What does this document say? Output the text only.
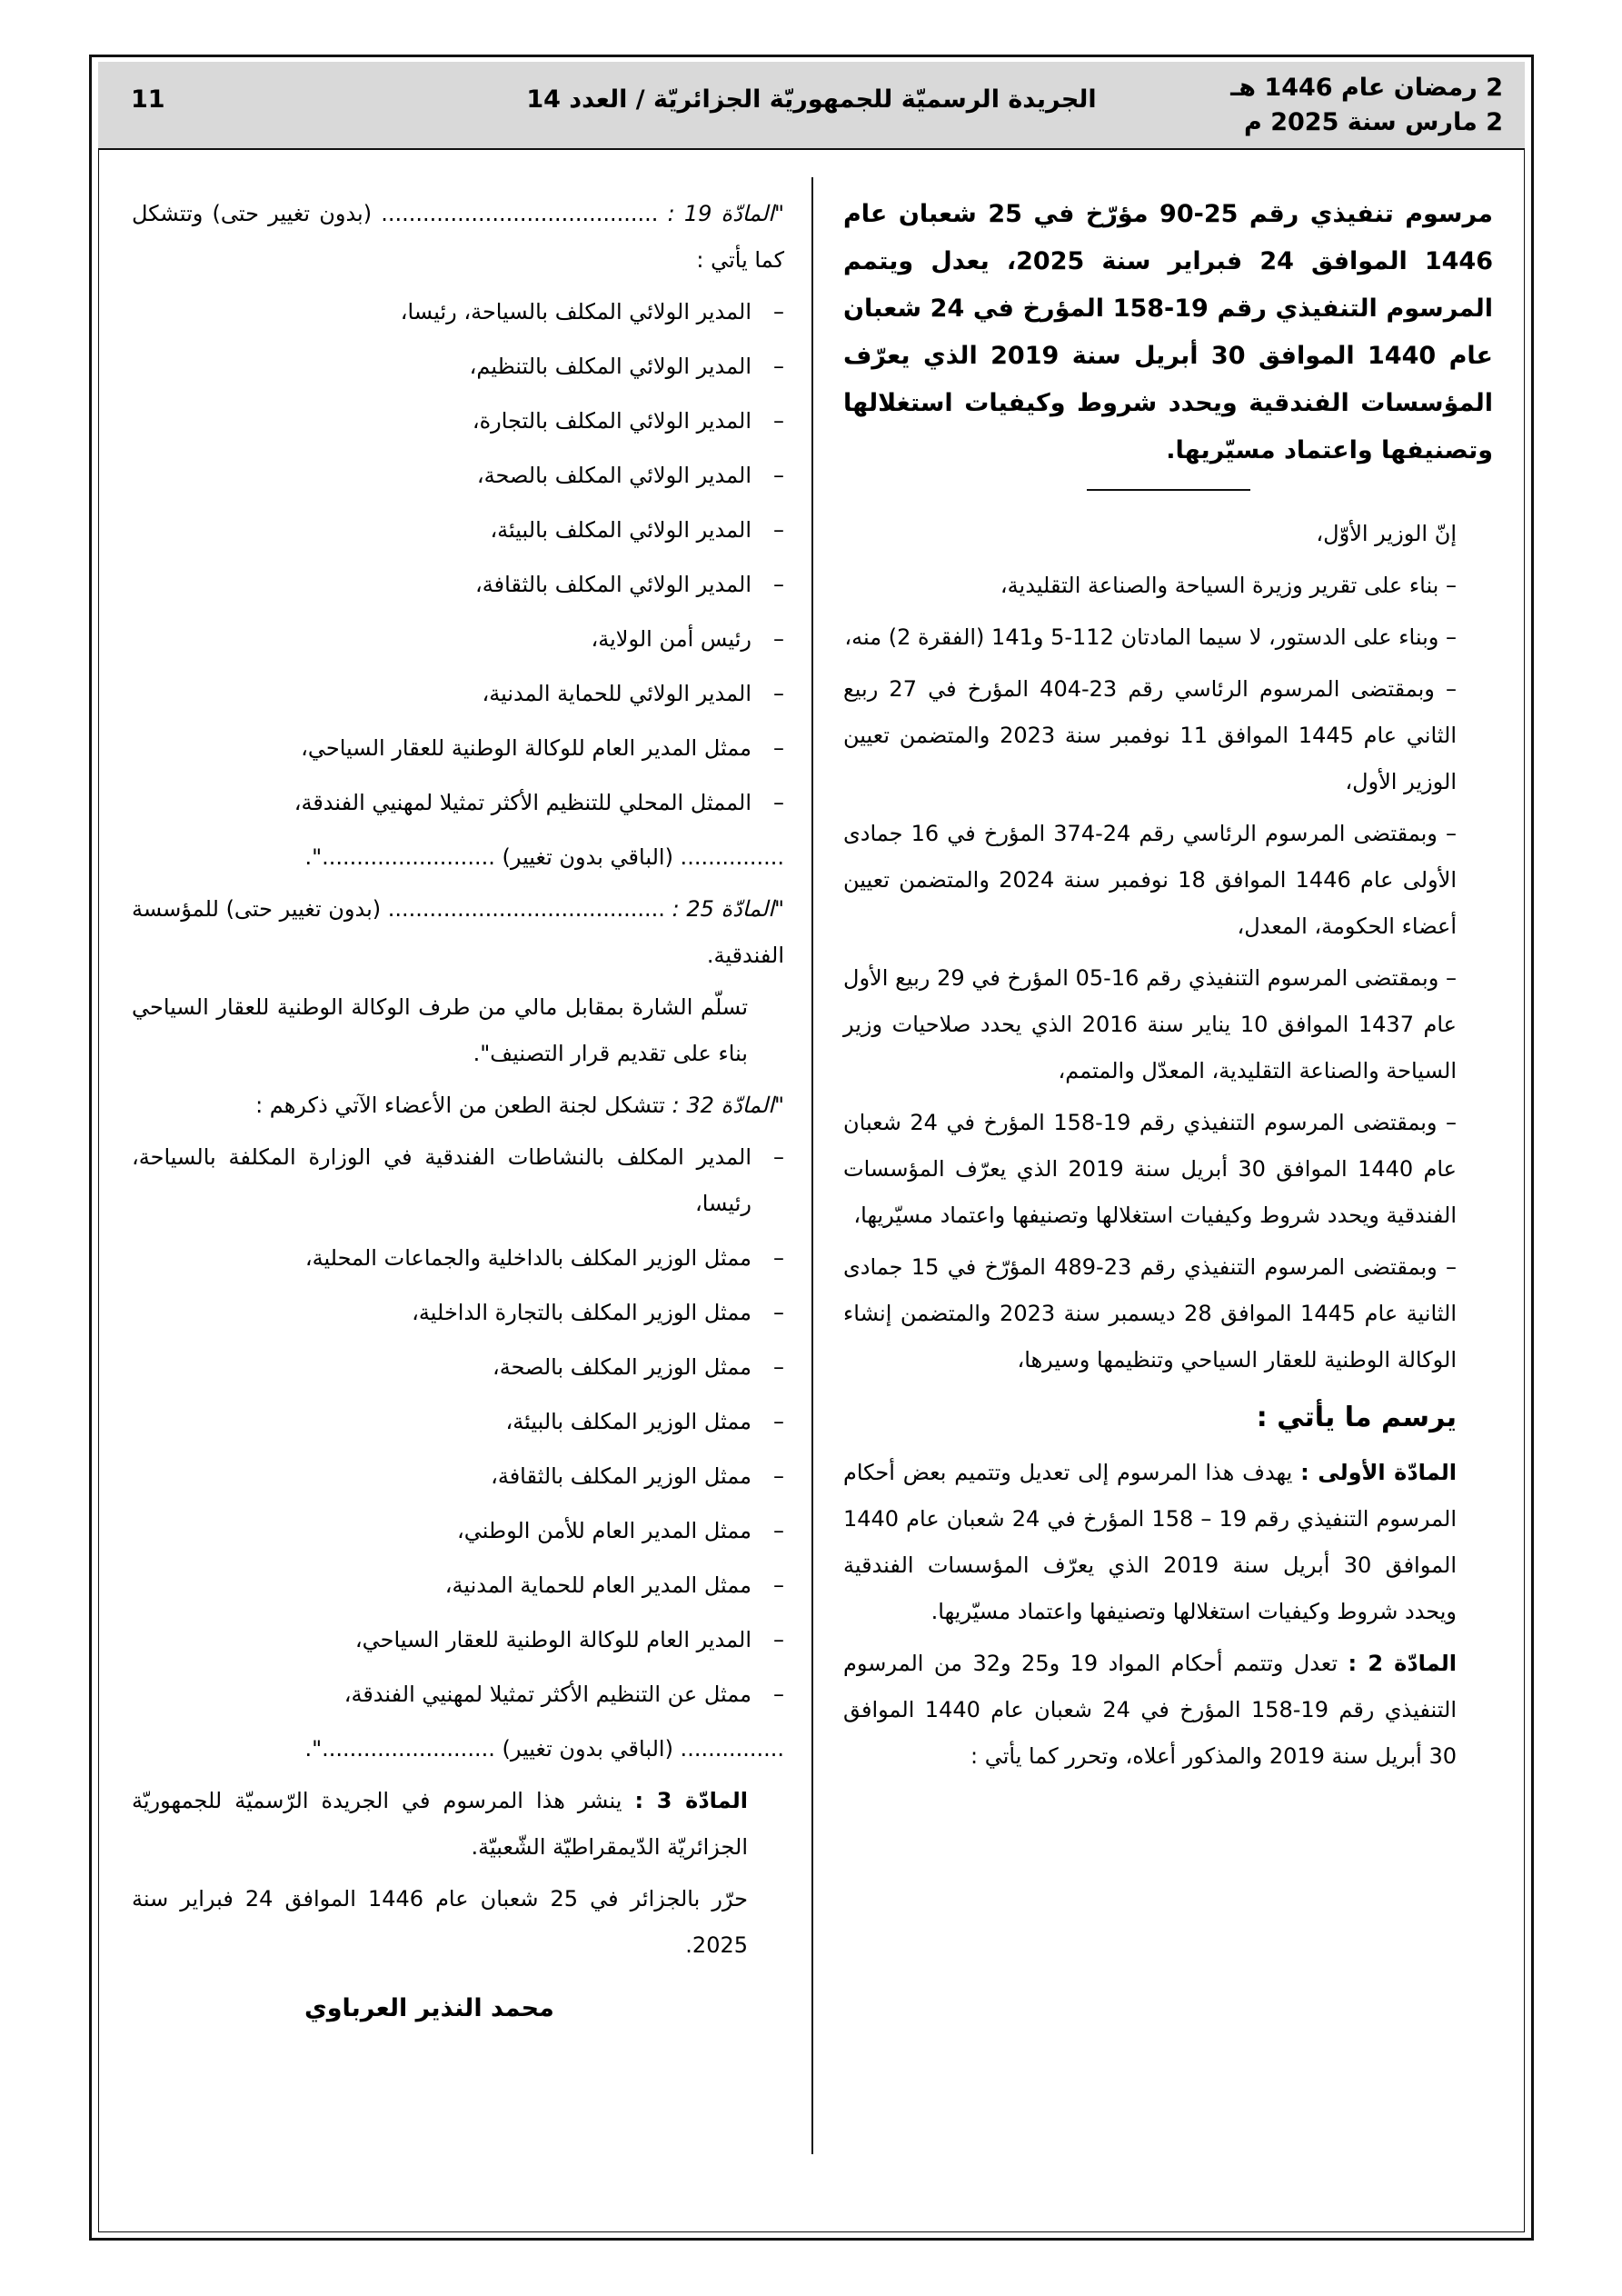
2 رمضان عام 1446 هـ
2 مارس سنة 2025 م
الجريدة الرسميّة للجمهوريّة الجزائريّة / العدد 14
11

مرسوم تنفيذي رقم 25-90 مؤرّخ في 25 شعبان عام 1446 الموافق 24 فبراير سنة 2025، يعدل ويتمم المرسوم التنفيذي رقم 19-158 المؤرخ في 24 شعبان عام 1440 الموافق 30 أبريل سنة 2019 الذي يعرّف المؤسسات الفندقية ويحدد شروط وكيفيات استغلالها وتصنيفها واعتماد مسيّريها.

إنّ الوزير الأوّل،

– بناء على تقرير وزيرة السياحة والصناعة التقليدية،

– وبناء على الدستور، لا سيما المادتان 112-5 و141 (الفقرة 2) منه،

– وبمقتضى المرسوم الرئاسي رقم 23-404 المؤرخ في 27 ربيع الثاني عام 1445 الموافق 11 نوفمبر سنة 2023 والمتضمن تعيين الوزير الأول،

– وبمقتضى المرسوم الرئاسي رقم 24-374 المؤرخ في 16 جمادى الأولى عام 1446 الموافق 18 نوفمبر سنة 2024 والمتضمن تعيين أعضاء الحكومة، المعدل،

– وبمقتضى المرسوم التنفيذي رقم 16-05 المؤرخ في 29 ربيع الأول عام 1437 الموافق 10 يناير سنة 2016 الذي يحدد صلاحيات وزير السياحة والصناعة التقليدية، المعدّل والمتمم،

– وبمقتضى المرسوم التنفيذي رقم 19-158 المؤرخ في 24 شعبان عام 1440 الموافق 30 أبريل سنة 2019 الذي يعرّف المؤسسات الفندقية ويحدد شروط وكيفيات استغلالها وتصنيفها واعتماد مسيّريها،

– وبمقتضى المرسوم التنفيذي رقم 23-489 المؤرّخ في 15 جمادى الثانية عام 1445 الموافق 28 ديسمبر سنة 2023 والمتضمن إنشاء الوكالة الوطنية للعقار السياحي وتنظيمها وسيرها،

يرسم ما يأتي :

المادّة الأولى : يهدف هذا المرسوم إلى تعديل وتتميم بعض أحكام المرسوم التنفيذي رقم 19 – 158 المؤرخ في 24 شعبان عام 1440 الموافق 30 أبريل سنة 2019 الذي يعرّف المؤسسات الفندقية ويحدد شروط وكيفيات استغلالها وتصنيفها واعتماد مسيّريها.

المادّة 2 : تعدل وتتمم أحكام المواد 19 و25 و32 من المرسوم التنفيذي رقم 19-158 المؤرخ في 24 شعبان عام 1440 الموافق 30 أبريل سنة 2019 والمذكور أعلاه، وتحرر كما يأتي :

"المادّة 19 : ........................................ (بدون تغيير حتى) وتتشكل كما يأتي :

–
المدير الولائي المكلف بالسياحة، رئيسا،
–
المدير الولائي المكلف بالتنظيم،
–
المدير الولائي المكلف بالتجارة،
–
المدير الولائي المكلف بالصحة،
–
المدير الولائي المكلف بالبيئة،
–
المدير الولائي المكلف بالثقافة،
–
رئيس أمن الولاية،
–
المدير الولائي للحماية المدنية،
–
ممثل المدير العام للوكالة الوطنية للعقار السياحي،
–
الممثل المحلي للتنظيم الأكثر تمثيلا لمهنيي الفندقة،

............... (الباقي بدون تغيير) .........................".

"المادّة 25 : ........................................ (بدون تغيير حتى) للمؤسسة الفندقية.

تسلّم الشارة بمقابل مالي من طرف الوكالة الوطنية للعقار السياحي بناء على تقديم قرار التصنيف".

"المادّة 32 : تتشكل لجنة الطعن من الأعضاء الآتي ذكرهم :

–
المدير المكلف بالنشاطات الفندقية في الوزارة المكلفة بالسياحة، رئيسا،
–
ممثل الوزير المكلف بالداخلية والجماعات المحلية،
–
ممثل الوزير المكلف بالتجارة الداخلية،
–
ممثل الوزير المكلف بالصحة،
–
ممثل الوزير المكلف بالبيئة،
–
ممثل الوزير المكلف بالثقافة،
–
ممثل المدير العام للأمن الوطني،
–
ممثل المدير العام للحماية المدنية،
–
المدير العام للوكالة الوطنية للعقار السياحي،
–
ممثل عن التنظيم الأكثر تمثيلا لمهنيي الفندقة،

............... (الباقي بدون تغيير) .........................".

المادّة 3 : ينشر هذا المرسوم في الجريدة الرّسميّة للجمهوريّة الجزائريّة الدّيمقراطيّة الشّعبيّة.

حرّر بالجزائر في 25 شعبان عام 1446 الموافق 24 فبراير سنة 2025.

محمد النذير العرباوي
